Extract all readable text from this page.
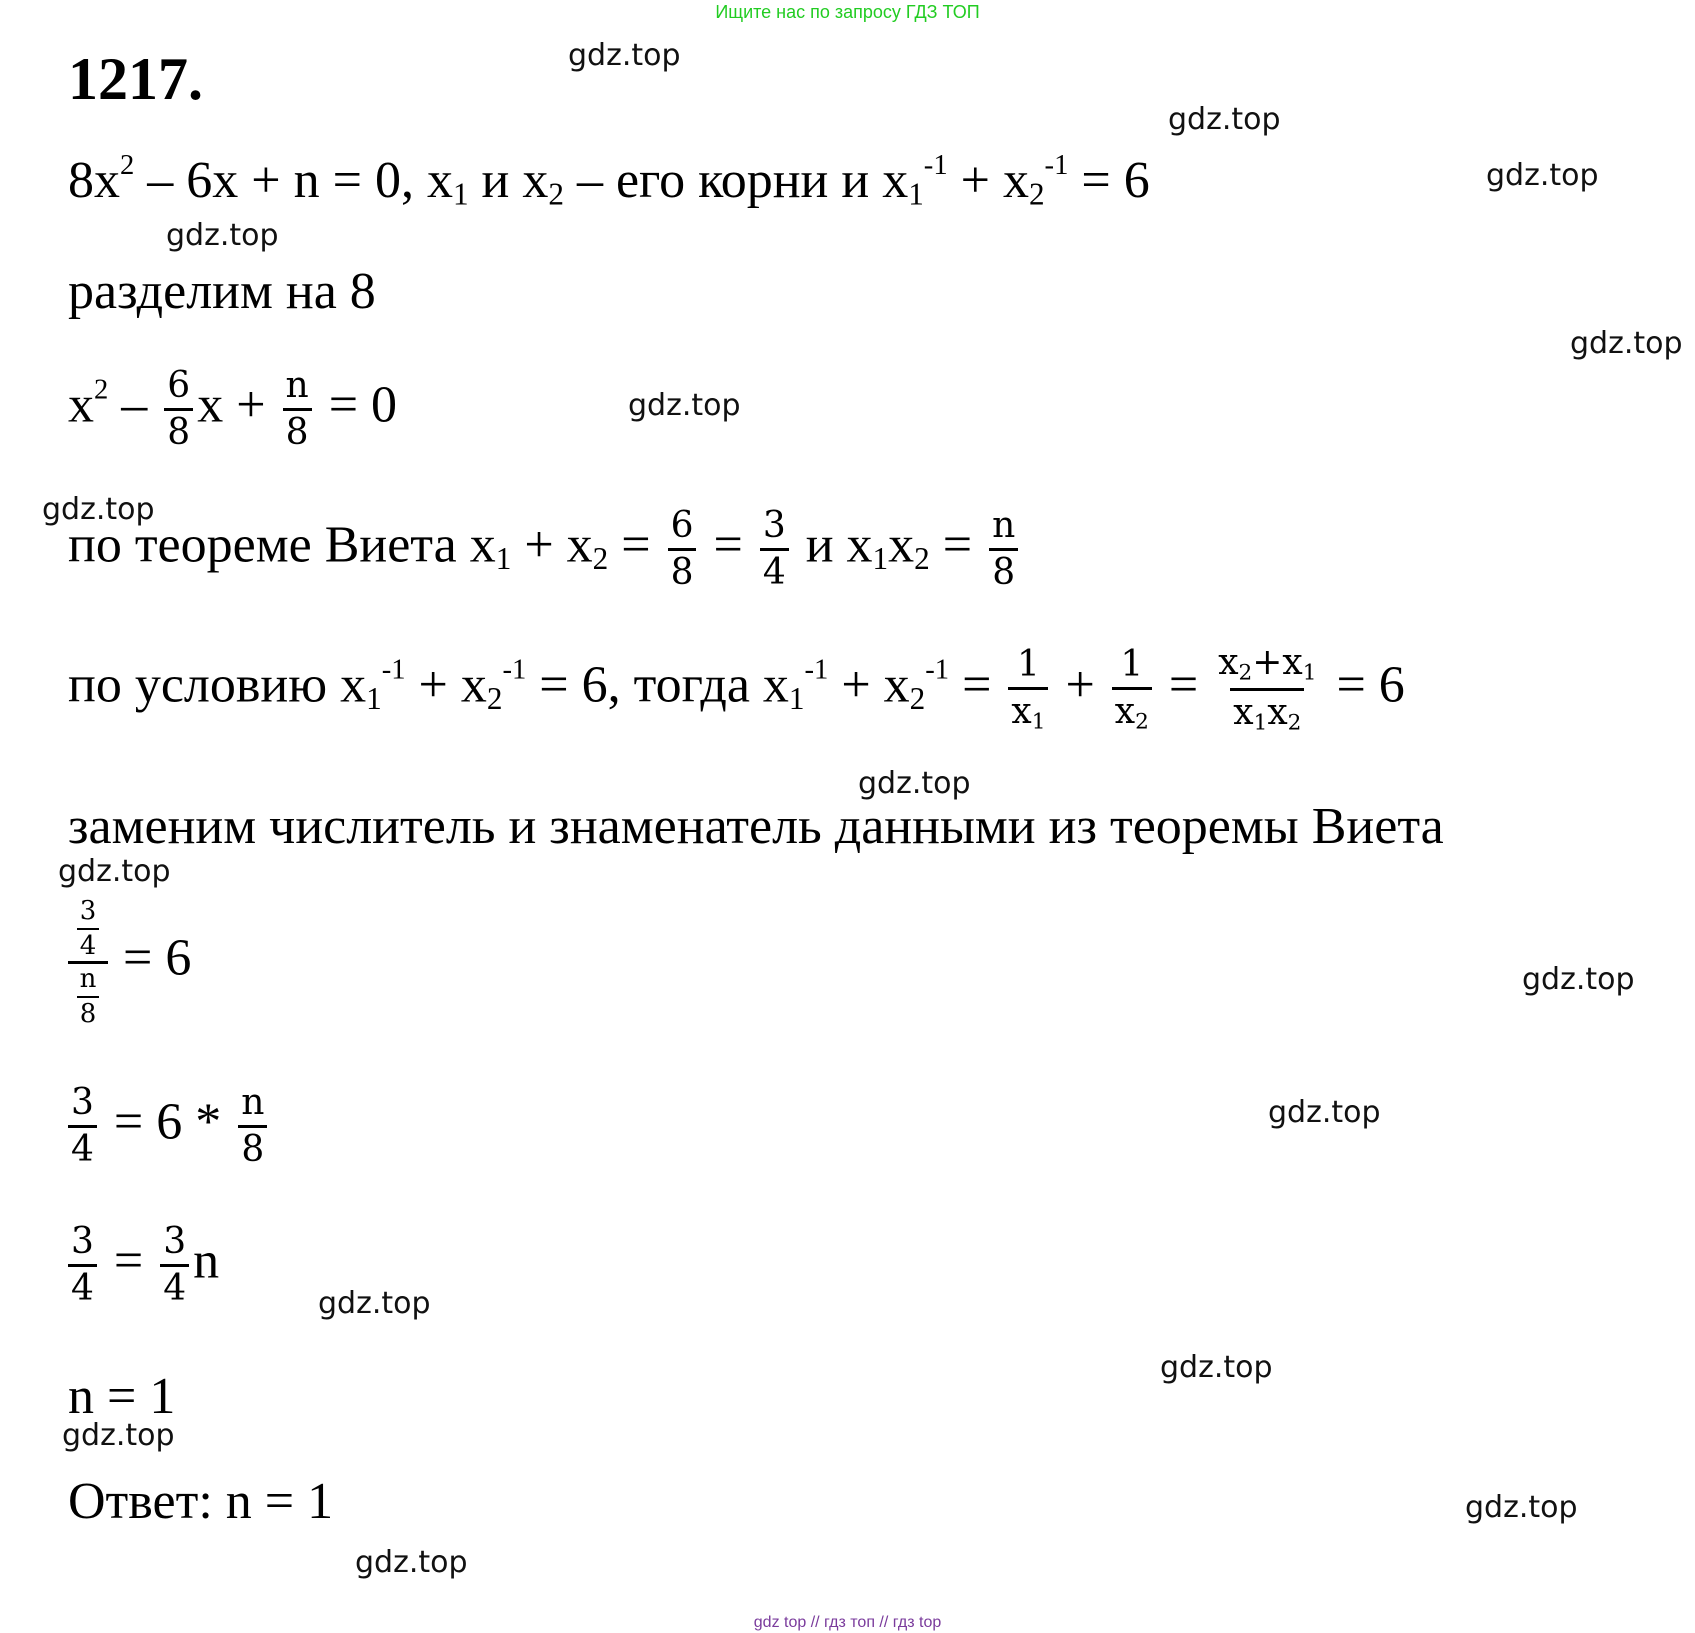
Ищите нас по запросу ГДЗ ТОП
1217.
$8x^2 - 6x + n = 0$, $x_1$ и $x_2$ – его корни и $x_1^{-1} + x_2^{-1} = 6$
разделим на 8
$x^2 - \frac{6}{8}$ $x + \frac{n}{8} = 0$
по теореме Виета $x_1 + x_2 = \frac{6}{8} = \frac{3}{4}$ и $x_1x_2 = \frac{n}{8}$
по условию $x_1^{-1} + x_2^{-1} = 6$, тогда $x_1^{-1} + x_2^{-1} = \frac{1}{x_1} + \frac{1}{x_2} = \frac{x_2+x_1}{x_1x_2} = 6$
заменим числитель и знаменатель данными из теоремы Виета
$\frac{\frac{3}{4}}{\frac{n}{8}} = 6$
$\frac{3}{4} = 6 * \frac{n}{8}$
$\frac{3}{4} = \frac{3}{4}$ n
n = 1
Ответ: n = 1
gdz.top
gdz.top
gdz.top
gdz.top
gdz.top
gdz.top
gdz.top
gdz.top
gdz.top
gdz.top
gdz.top
gdz.top
gdz.top
gdz.top
gdz.top
gdz.top
gdz top // гдз топ // гдз top
